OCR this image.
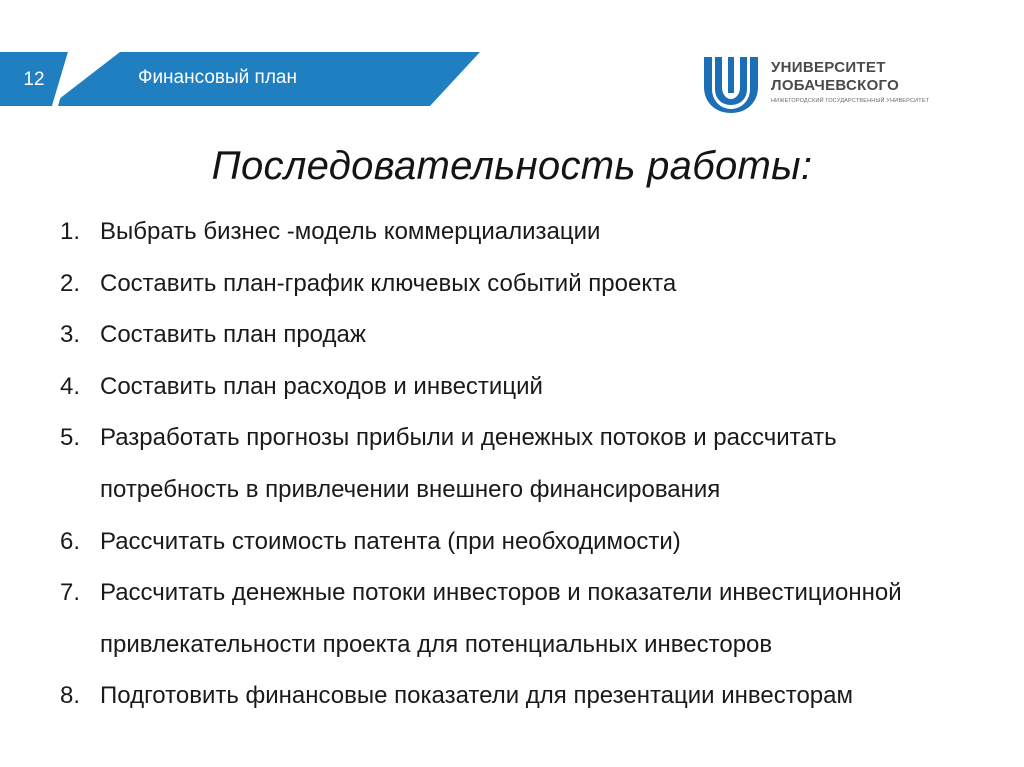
12	Финансовый план	УНИВЕРСИТЕТ
ЛОБАЧЕВСКОГО
НИЖЕГОРОДСКИЙ ГОСУДАРСТВЕННЫЙ УНИВЕРСИТЕТ
Последовательность работы:
1. Выбрать бизнес -модель коммерциализации
2. Составить план-график ключевых событий проекта
3. Составить план продаж
4. Составить план расходов и инвестиций
5. Разработать прогнозы прибыли и денежных потоков и рассчитать потребность в привлечении внешнего финансирования
6. Рассчитать стоимость патента (при необходимости)
7. Рассчитать денежные потоки инвесторов и показатели инвестиционной привлекательности проекта для потенциальных инвесторов
8. Подготовить финансовые показатели для презентации инвесторам
